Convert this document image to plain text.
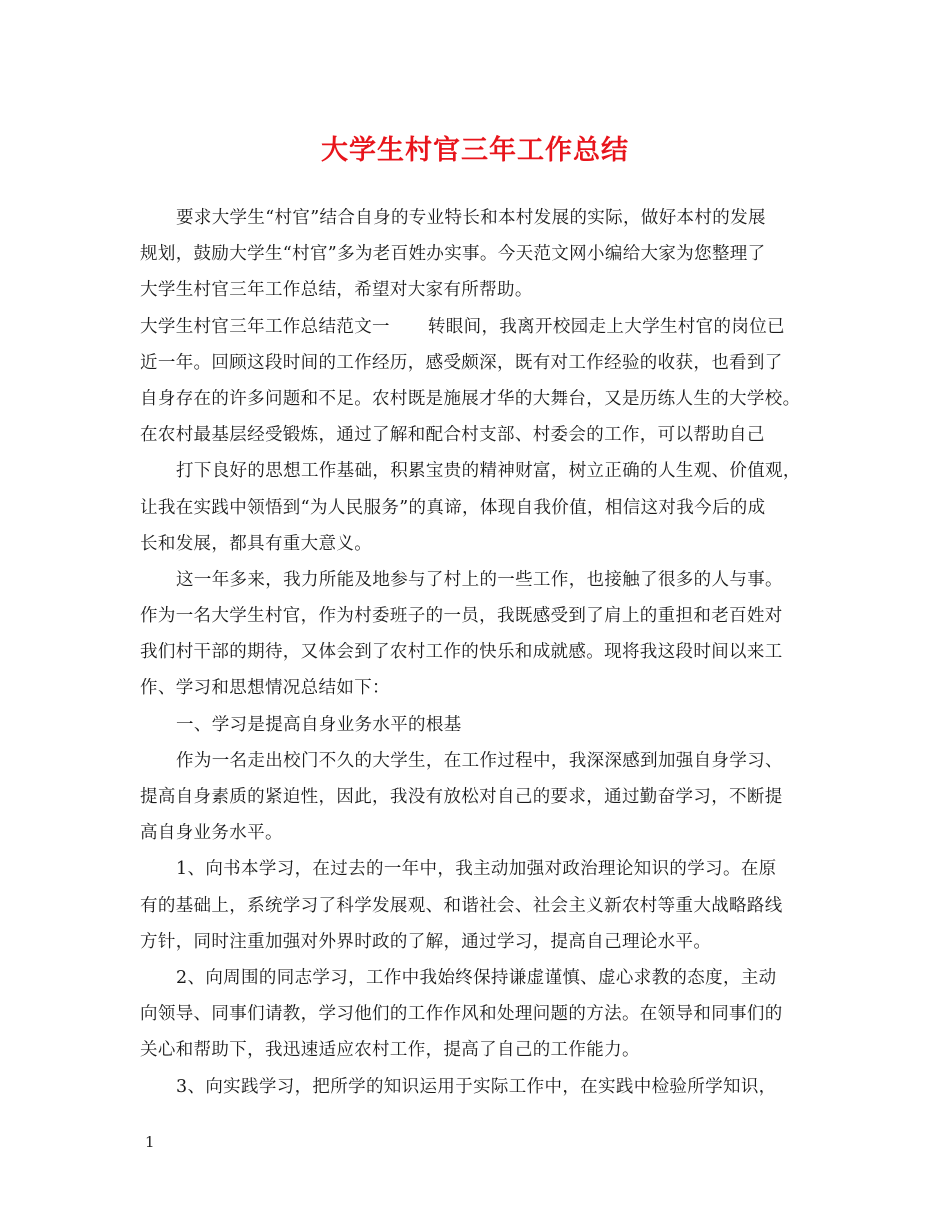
大学生村官三年工作总结
要求大学生“村官”结合自身的专业特长和本村发展的实际，做好本村的发展
规划，鼓励大学生“村官”多为老百姓办实事。今天范文网小编给大家为您整理了
大学生村官三年工作总结，希望对大家有所帮助。
大学生村官三年工作总结范文一 转眼间，我离开校园走上大学生村官的岗位已
近一年。回顾这段时间的工作经历，感受颇深，既有对工作经验的收获，也看到了
自身存在的许多问题和不足。农村既是施展才华的大舞台，又是历练人生的大学校。
在农村最基层经受锻炼，通过了解和配合村支部、村委会的工作，可以帮助自己
打下良好的思想工作基础，积累宝贵的精神财富，树立正确的人生观、价值观，
让我在实践中领悟到“为人民服务”的真谛，体现自我价值，相信这对我今后的成
长和发展，都具有重大意义。
这一年多来，我力所能及地参与了村上的一些工作，也接触了很多的人与事。
作为一名大学生村官，作为村委班子的一员，我既感受到了肩上的重担和老百姓对
我们村干部的期待，又体会到了农村工作的快乐和成就感。现将我这段时间以来工
作、学习和思想情况总结如下：
一、学习是提高自身业务水平的根基
作为一名走出校门不久的大学生，在工作过程中，我深深感到加强自身学习、
提高自身素质的紧迫性，因此，我没有放松对自己的要求，通过勤奋学习，不断提
高自身业务水平。
1、向书本学习，在过去的一年中，我主动加强对政治理论知识的学习。在原
有的基础上，系统学习了科学发展观、和谐社会、社会主义新农村等重大战略路线
方针，同时注重加强对外界时政的了解，通过学习，提高自己理论水平。
2、向周围的同志学习，工作中我始终保持谦虚谨慎、虚心求教的态度，主动
向领导、同事们请教，学习他们的工作作风和处理问题的方法。在领导和同事们的
关心和帮助下，我迅速适应农村工作，提高了自己的工作能力。
3、向实践学习，把所学的知识运用于实际工作中，在实践中检验所学知识，
1
